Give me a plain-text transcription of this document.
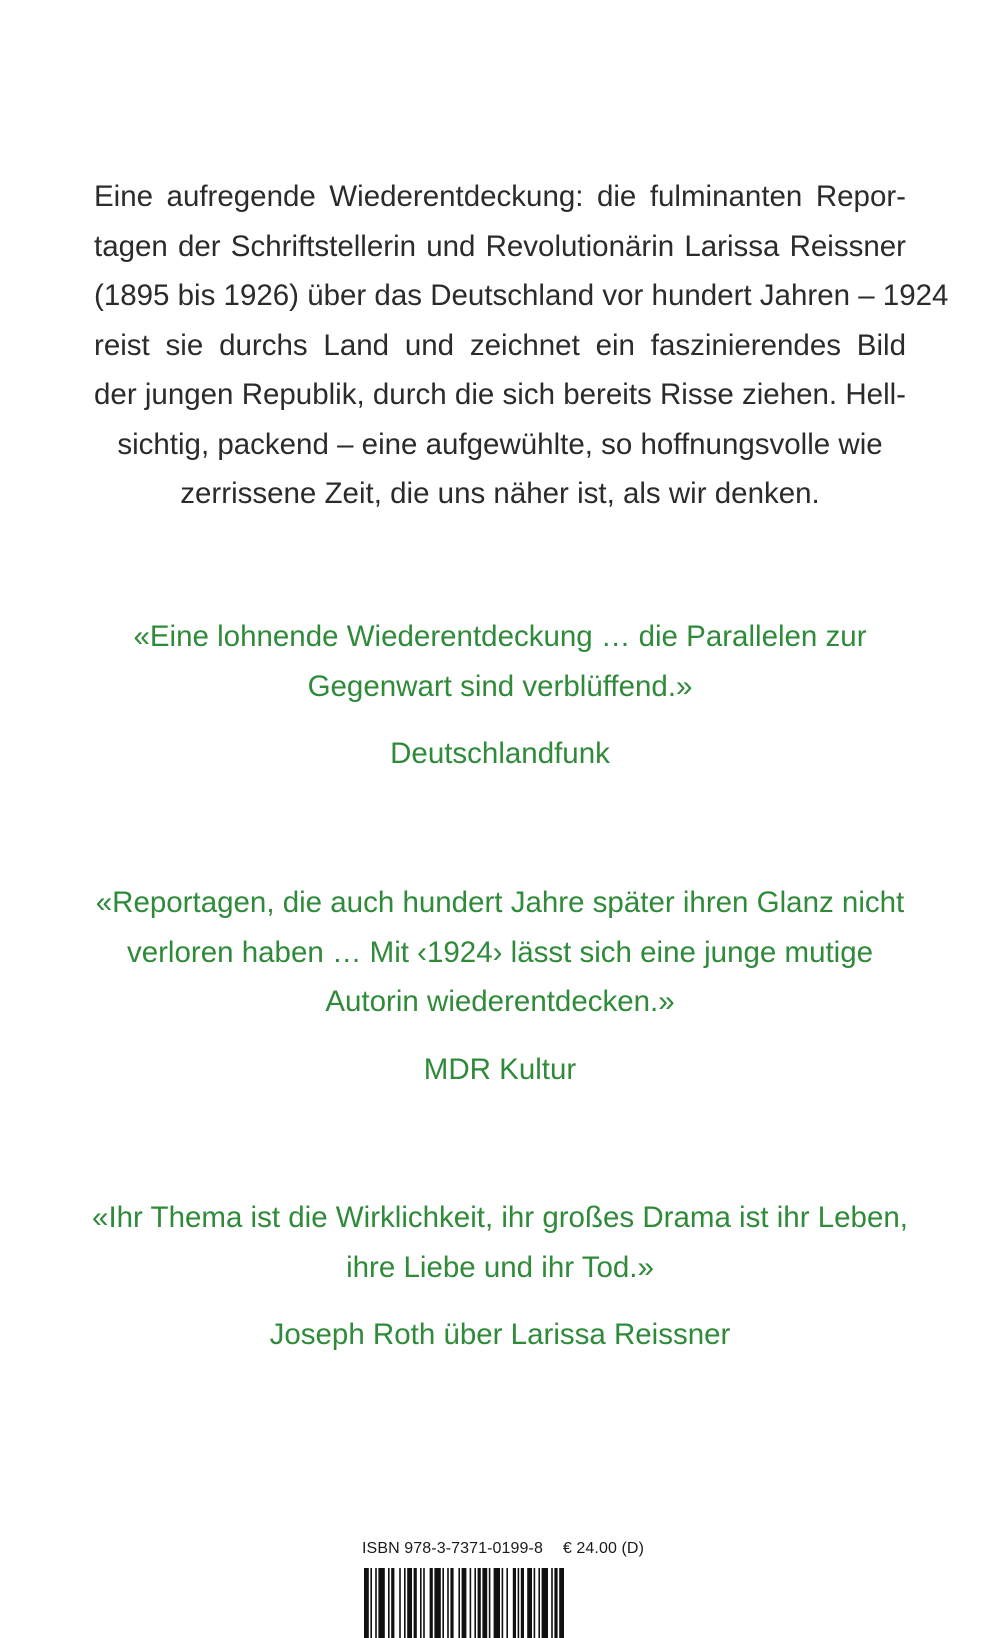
Eine aufregende Wiederentdeckung: die fulminanten Repor-
tagen der Schriftstellerin und Revolutionärin Larissa Reissner
(1895 bis 1926) über das Deutschland vor hundert Jahren – 1924
reist sie durchs Land und zeichnet ein faszinierendes Bild
der jungen Republik, durch die sich bereits Risse ziehen. Hell-
sichtig, packend – eine aufgewühlte, so hoffnungsvolle wie
zerrissene Zeit, die uns näher ist, als wir denken.
«Eine lohnende Wiederentdeckung … die Parallelen zur
Gegenwart sind verblüffend.»
Deutschlandfunk
«Reportagen, die auch hundert Jahre später ihren Glanz nicht
verloren haben … Mit ‹1924› lässt sich eine junge mutige
Autorin wiederentdecken.»
MDR Kultur
«Ihr Thema ist die Wirklichkeit, ihr großes Drama ist ihr Leben,
ihre Liebe und ihr Tod.»
Joseph Roth über Larissa Reissner
ISBN 978-3-7371-0199-8 € 24.00 (D)
